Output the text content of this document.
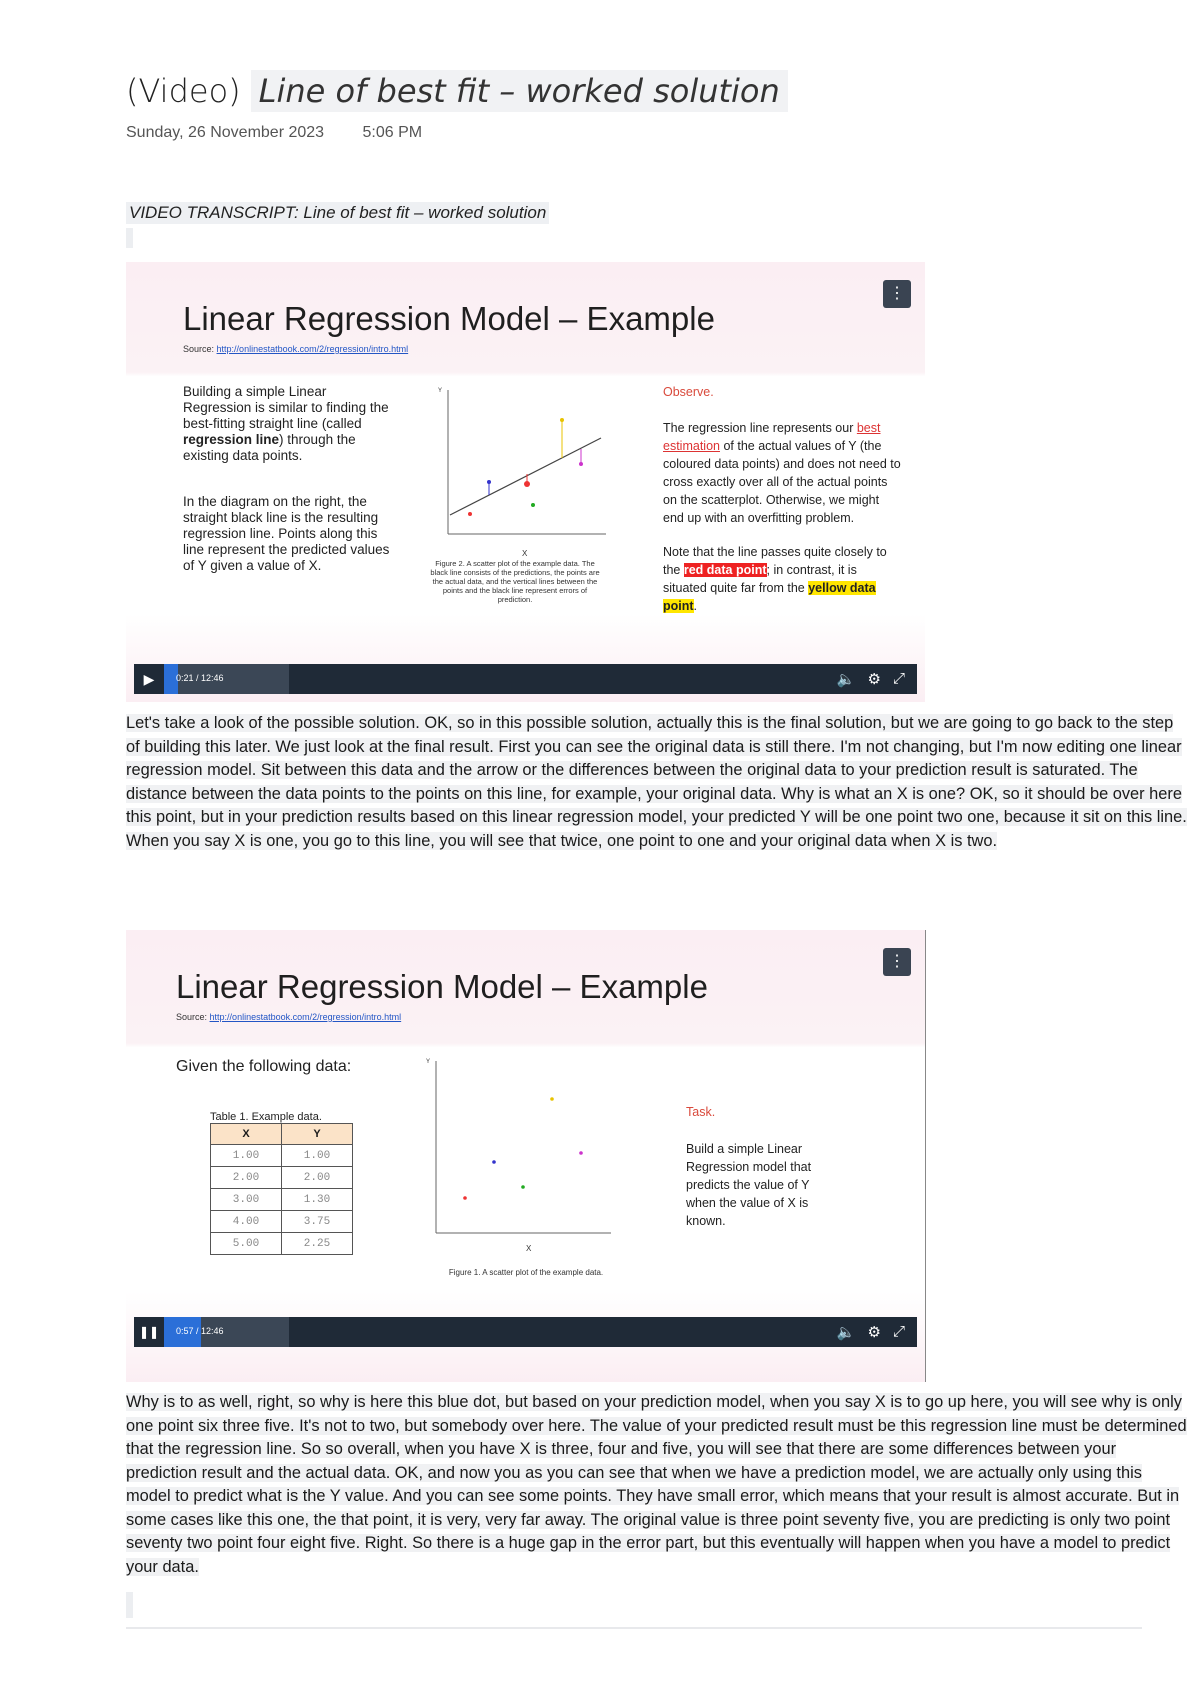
(Video) Line of best fit – worked solution
Sunday, 26 November 2023 5:06 PM
VIDEO TRANSCRIPT: Line of best fit – worked solution
⋮
Linear Regression Model – Example
Source: http://onlinestatbook.com/2/regression/intro.html

Building a simple Linear Regression is similar to finding the best-fitting straight line (called regression line) through the existing data points.

In the diagram on the right, the straight black line is the resulting regression line. Points along this line represent the predicted values of Y given a value of X.

Y
X
Figure 2. A scatter plot of the example data. The black line consists of the predictions, the points are the actual data, and the vertical lines between the points and the black line represent errors of prediction.

Observe.

The regression line represents our best estimation of the actual values of Y (the coloured data points) and does not need to cross exactly over all of the actual points on the scatterplot. Otherwise, we might end up with an overfitting problem.

Note that the line passes quite closely to the red data point; in contrast, it is situated quite far from the yellow data point.

▶	0:21 / 12:46	🔈 ⚙ ⤢
Let's take a look of the possible solution. OK, so in this possible solution, actually this is the final solution, but we are going to go back to the step of building this later. We just look at the final result. First you can see the original data is still there. I'm not changing, but I'm now editing one linear regression model. Sit between this data and the arrow or the differences between the original data to your prediction result is saturated. The distance between the data points to the points on this line, for example, your original data. Why is what an X is one? OK, so it should be over here this point, but in your prediction results based on this linear regression model, your predicted Y will be one point two one, because it sit on this line. When you say X is one, you go to this line, you will see that twice, one point to one and your original data when X is two.
⋮
Linear Regression Model – Example
Source: http://onlinestatbook.com/2/regression/intro.html
Given the following data:
Table 1. Example data.
X	Y
1.00	1.00
2.00	2.00
3.00	1.30
4.00	3.75
5.00	2.25
Y
X
Figure 1. A scatter plot of the example data.
Task.
Build a simple Linear Regression model that predicts the value of Y when the value of X is known.
❚❚	0:57 / 12:46	🔈 ⚙ ⤢
Why is to as well, right, so why is here this blue dot, but based on your prediction model, when you say X is to go up here, you will see why is only one point six three five. It's not to two, but somebody over here. The value of your predicted result must be this regression line must be determined that the regression line. So so overall, when you have X is three, four and five, you will see that there are some differences between your prediction result and the actual data. OK, and now you as you can see that when we have a prediction model, we are actually only using this model to predict what is the Y value. And you can see some points. They have small error, which means that your result is almost accurate. But in some cases like this one, the that point, it is very, very far away. The original value is three point seventy five, you are predicting is only two point seventy two point four eight five. Right. So there is a huge gap in the error part, but this eventually will happen when you have a model to predict your data.
